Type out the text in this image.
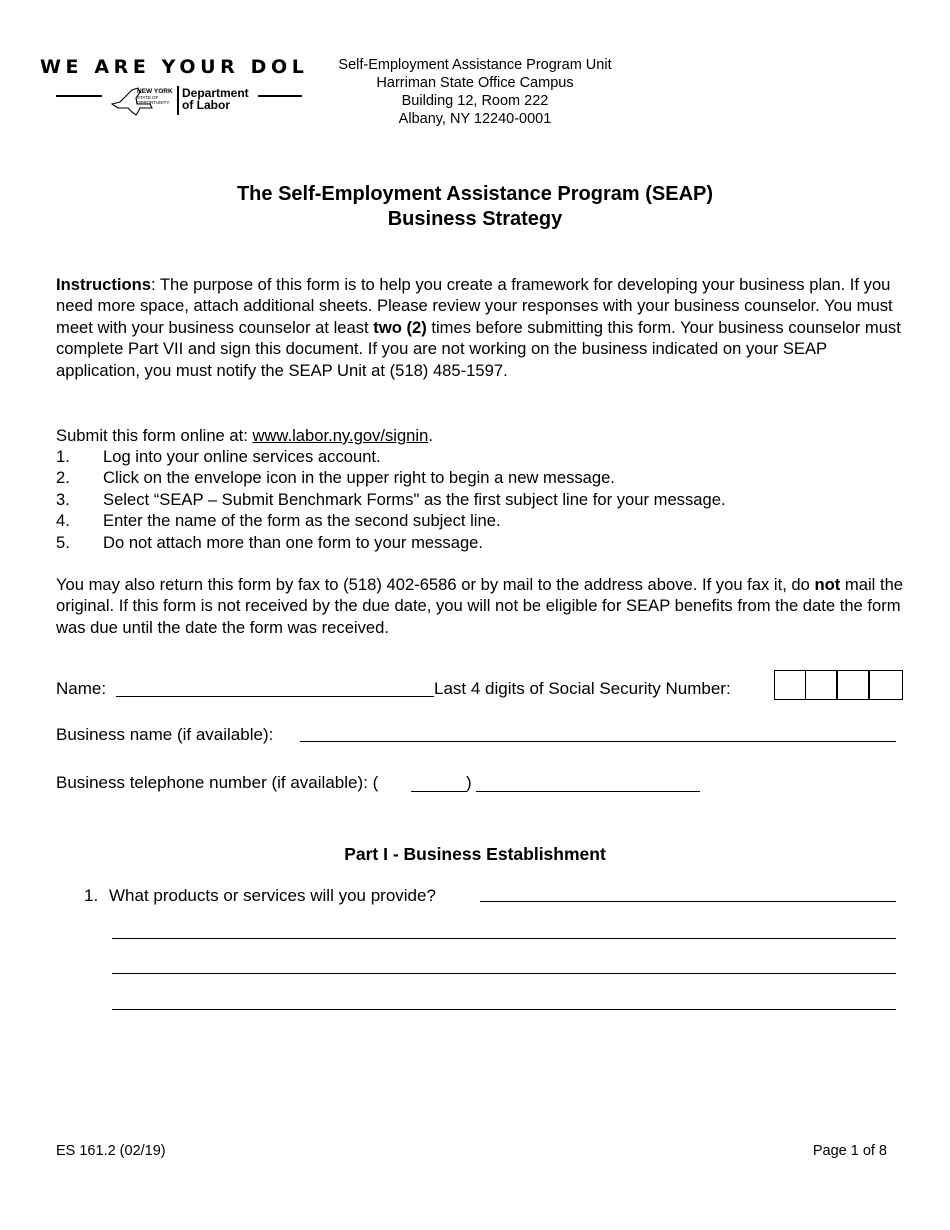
WE ARE YOUR DOL
NEW YORK
STATE OF
OPPORTUNITY.
Department
of Labor
Self-Employment Assistance Program Unit
Harriman State Office Campus
Building 12, Room 222
Albany, NY 12240-0001
The Self-Employment Assistance Program (SEAP)
Business Strategy
Instructions: The purpose of this form is to help you create a framework for developing your business plan. If you need more space, attach additional sheets. Please review your responses with your business counselor. You must meet with your business counselor at least two (2) times before submitting this form. Your business counselor must complete Part VII and sign this document. If you are not working on the business indicated on your SEAP application, you must notify the SEAP Unit at (518) 485-1597.
Submit this form online at: www.labor.ny.gov/signin.
1. Log into your online services account.
2. Click on the envelope icon in the upper right to begin a new message.
3. Select “SEAP – Submit Benchmark Forms" as the first subject line for your message.
4. Enter the name of the form as the second subject line.
5. Do not attach more than one form to your message.
You may also return this form by fax to (518) 402-6586 or by mail to the address above. If you fax it, do not mail the original. If this form is not received by the due date, you will not be eligible for SEAP benefits from the date the form was due until the date the form was received.
Name:	Last 4 digits of Social Security Number:
Business name (if available):
Business telephone number (if available): (	)
Part I - Business Establishment
1. What products or services will you provide?
ES 161.2 (02/19)	Page 1 of 8
